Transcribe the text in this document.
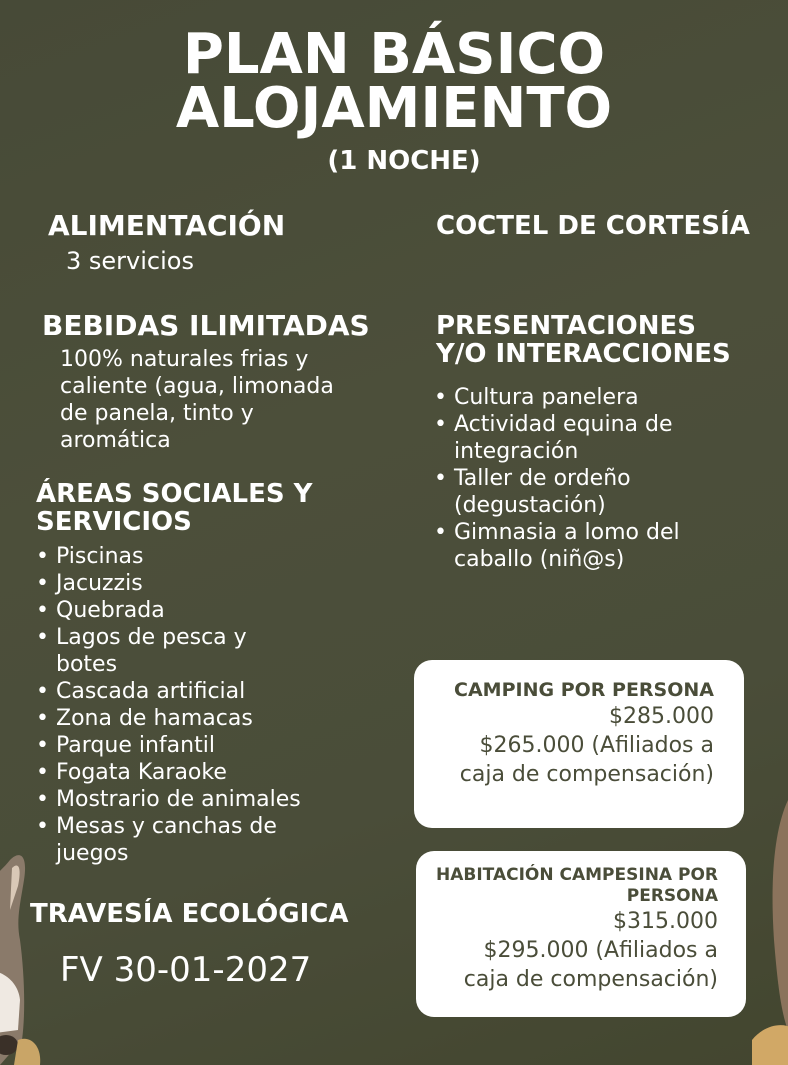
PLAN BÁSICO
ALOJAMIENTO
(1 NOCHE)
ALIMENTACIÓN
3 servicios
BEBIDAS ILIMITADAS
100% naturales frias y
caliente (agua, limonada
de panela, tinto y
aromática
ÁREAS SOCIALES Y
SERVICIOS
• Piscinas
• Jacuzzis
• Quebrada
• Lagos de pesca y botes
• Cascada artificial
• Zona de hamacas
• Parque infantil
• Fogata Karaoke
• Mostrario de animales
• Mesas y canchas de juegos
TRAVESÍA ECOLÓGICA
FV 30-01-2027
COCTEL DE CORTESÍA
PRESENTACIONES
Y/O INTERACCIONES
• Cultura panelera
• Actividad equina de integración
• Taller de ordeño (degustación)
• Gimnasia a lomo del caballo (niñ@s)
CAMPING POR PERSONA
$285.000
$265.000 (Afiliados a
caja de compensación)
HABITACIÓN CAMPESINA POR
PERSONA
$315.000
$295.000 (Afiliados a
caja de compensación)
